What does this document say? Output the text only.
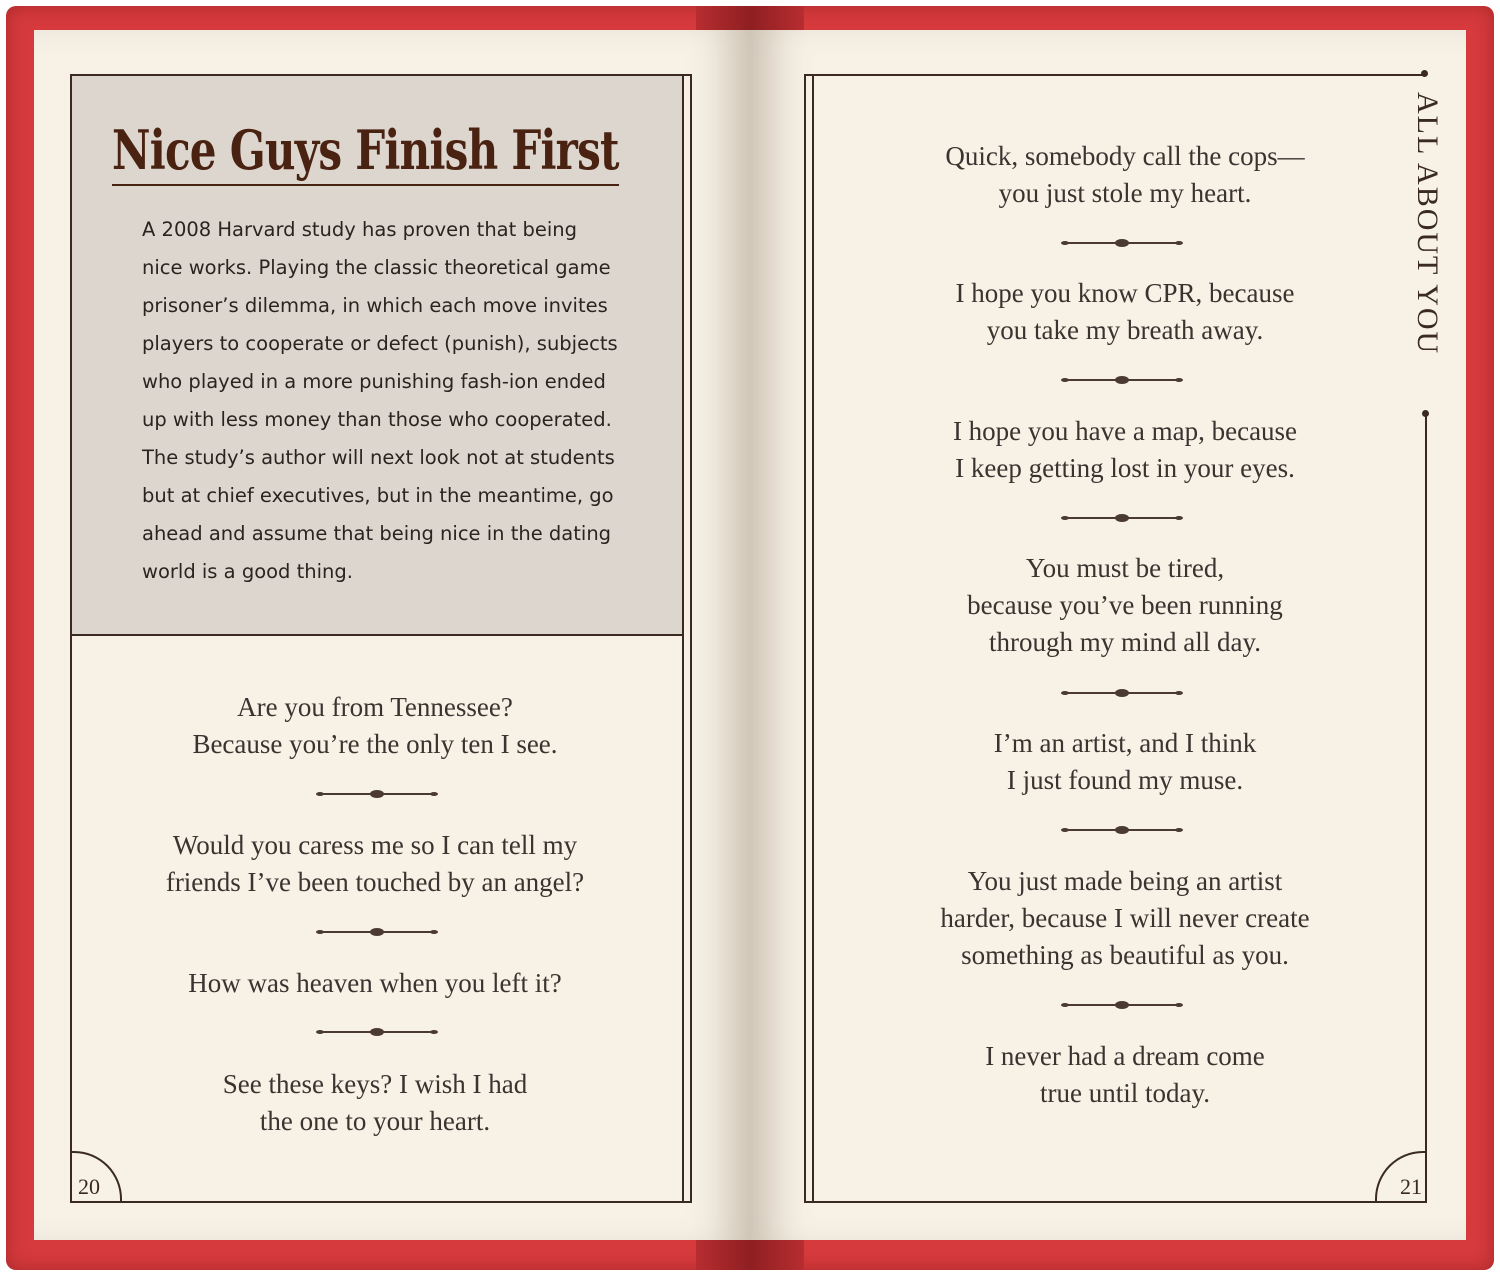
Nice Guys Finish First

A 2008 Harvard study has proven that being nice works. Playing the classic theoretical game prisoner’s dilemma, in which each move invites players to cooperate or defect (punish), subjects who played in a more punishing fash-ion ended up with less money than those who cooperated. The study’s author will next look not at students but at chief executives, but in the meantime, go ahead and assume that being nice in the dating world is a good thing.

Are you from Tennessee?
Because you’re the only ten I see.
Would you caress me so I can tell my
friends I’ve been touched by an angel?
How was heaven when you left it?
See these keys? I wish I had
the one to your heart.
20
ALL ABOUT YOU
Quick, somebody call the cops—
you just stole my heart.
I hope you know CPR, because
you take my breath away.
I hope you have a map, because
I keep getting lost in your eyes.
You must be tired,
because you’ve been running
through my mind all day.
I’m an artist, and I think
I just found my muse.
You just made being an artist
harder, because I will never create
something as beautiful as you.
I never had a dream come
true until today.
21
